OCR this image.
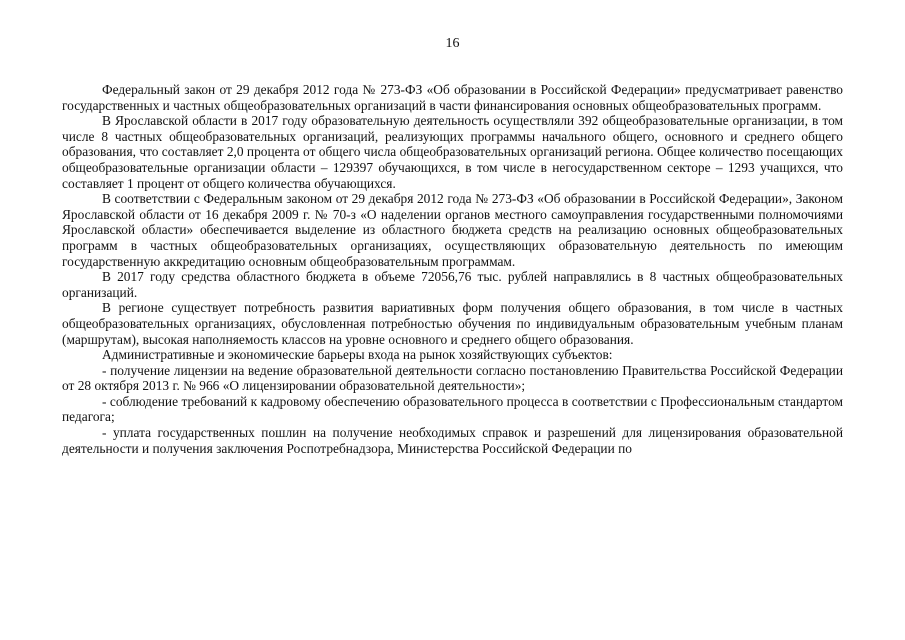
16

Федеральный закон от 29 декабря 2012 года № 273-ФЗ «Об образовании в Российской Федерации» предусматривает равенство государственных и частных общеобразовательных организаций в части финансирования основных общеобразовательных программ.

В Ярославской области в 2017 году образовательную деятельность осуществляли 392 общеобразовательные организации, в том числе 8 частных общеобразовательных организаций, реализующих программы начального общего, основного и среднего общего образования, что составляет 2,0 процента от общего числа общеобразовательных организаций региона. Общее количество посещающих общеобразовательные организации области – 129397 обучающихся, в том числе в негосударственном секторе – 1293 учащихся, что составляет 1 процент от общего количества обучающихся.

В соответствии с Федеральным законом от 29 декабря 2012 года № 273-ФЗ «Об образовании в Российской Федерации», Законом Ярославской области от 16 декабря 2009 г. № 70-з «О наделении органов местного самоуправления государственными полномочиями Ярославской области» обеспечивается выделение из областного бюджета средств на реализацию основных общеобразовательных программ в частных общеобразовательных организациях, осуществляющих образовательную деятельность по имеющим государственную аккредитацию основным общеобразовательным программам.

В 2017 году средства областного бюджета в объеме 72056,76 тыс. рублей направлялись в 8 частных общеобразовательных организаций.

В регионе существует потребность развития вариативных форм получения общего образования, в том числе в частных общеобразовательных организациях, обусловленная потребностью обучения по индивидуальным образовательным учебным планам (маршрутам), высокая наполняемость классов на уровне основного и среднего общего образования.

Административные и экономические барьеры входа на рынок хозяйствующих субъектов:

- получение лицензии на ведение образовательной деятельности согласно постановлению Правительства Российской Федерации от 28 октября 2013 г. № 966 «О лицензировании образовательной деятельности»;

- соблюдение требований к кадровому обеспечению образовательного процесса в соответствии с Профессиональным стандартом педагога;

- уплата государственных пошлин на получение необходимых справок и разрешений для лицензирования образовательной деятельности и получения заключения Роспотребнадзора, Министерства Российской Федерации по
